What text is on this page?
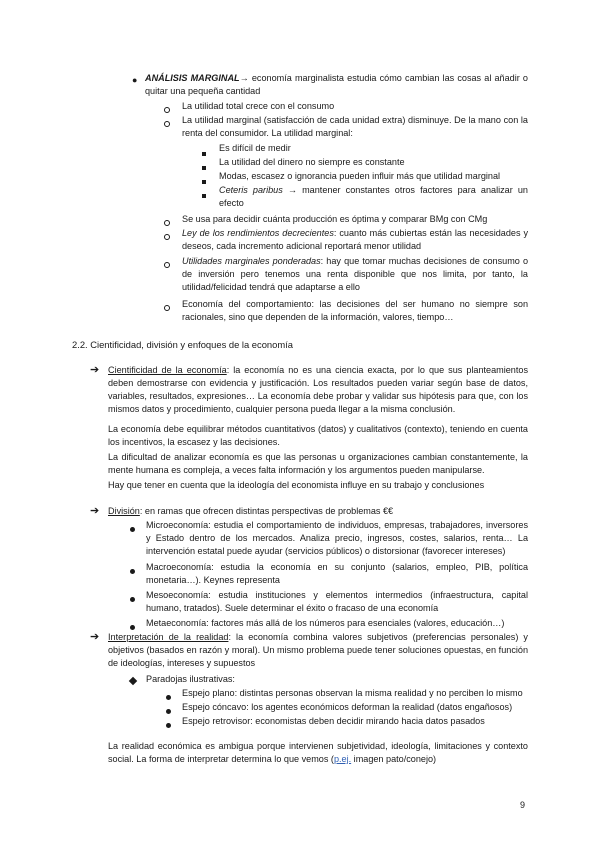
● ANÁLISIS MARGINAL→ economía marginalista estudia cómo cambian las cosas al añadir o quitar una pequeña cantidad
La utilidad total crece con el consumo
La utilidad marginal (satisfacción de cada unidad extra) disminuye. De la mano con la renta del consumidor. La utilidad marginal:
Es difícil de medir
La utilidad del dinero no siempre es constante
Modas, escasez o ignorancia pueden influir más que utilidad marginal
Ceteris paribus → mantener constantes otros factores para analizar un efecto
Se usa para decidir cuánta producción es óptima y comparar BMg con CMg
Ley de los rendimientos decrecientes: cuanto más cubiertas están las necesidades y deseos, cada incremento adicional reportará menor utilidad
Utilidades marginales ponderadas: hay que tomar muchas decisiones de consumo o de inversión pero tenemos una renta disponible que nos limita, por tanto, la utilidad/felicidad tendrá que adaptarse a ello
Economía del comportamiento: las decisiones del ser humano no siempre son racionales, sino que dependen de la información, valores, tiempo…
2.2. Cientificidad, división y enfoques de la economía
➔ Cientificidad de la economía: la economía no es una ciencia exacta, por lo que sus planteamientos deben demostrarse con evidencia y justificación. Los resultados pueden variar según base de datos, variables, resultados, expresiones… La economía debe probar y validar sus hipótesis para que, con los mismos datos y procedimiento, cualquier persona pueda llegar a la misma conclusión.
La economía debe equilibrar métodos cuantitativos (datos) y cualitativos (contexto), teniendo en cuenta los incentivos, la escasez y las decisiones.
La dificultad de analizar economía es que las personas u organizaciones cambian constantemente, la mente humana es compleja, a veces falta información y los argumentos pueden manipularse.
Hay que tener en cuenta que la ideología del economista influye en su trabajo y conclusiones
➔ División: en ramas que ofrecen distintas perspectivas de problemas €€
Microeconomía: estudia el comportamiento de individuos, empresas, trabajadores, inversores y Estado dentro de los mercados. Analiza precio, ingresos, costes, salarios, renta… La intervención estatal puede ayudar (servicios públicos) o distorsionar (favorecer intereses)
Macroeconomía: estudia la economía en su conjunto (salarios, empleo, PIB, política monetaria…). Keynes representa
Mesoeconomía: estudia instituciones y elementos intermedios (infraestructura, capital humano, tratados). Suele determinar el éxito o fracaso de una economía
Metaeconomía: factores más allá de los números para esenciales (valores, educación…)
➔ Interpretación de la realidad: la economía combina valores subjetivos (preferencias personales) y objetivos (basados en razón y moral). Un mismo problema puede tener soluciones opuestas, en función de ideologías, intereses y supuestos
Paradojas ilustrativas:
Espejo plano: distintas personas observan la misma realidad y no perciben lo mismo
Espejo cóncavo: los agentes económicos deforman la realidad (datos engañosos)
Espejo retrovisor: economistas deben decidir mirando hacia datos pasados
La realidad económica es ambigua porque intervienen subjetividad, ideología, limitaciones y contexto social. La forma de interpretar determina lo que vemos (p.ej. imagen pato/conejo)
9
